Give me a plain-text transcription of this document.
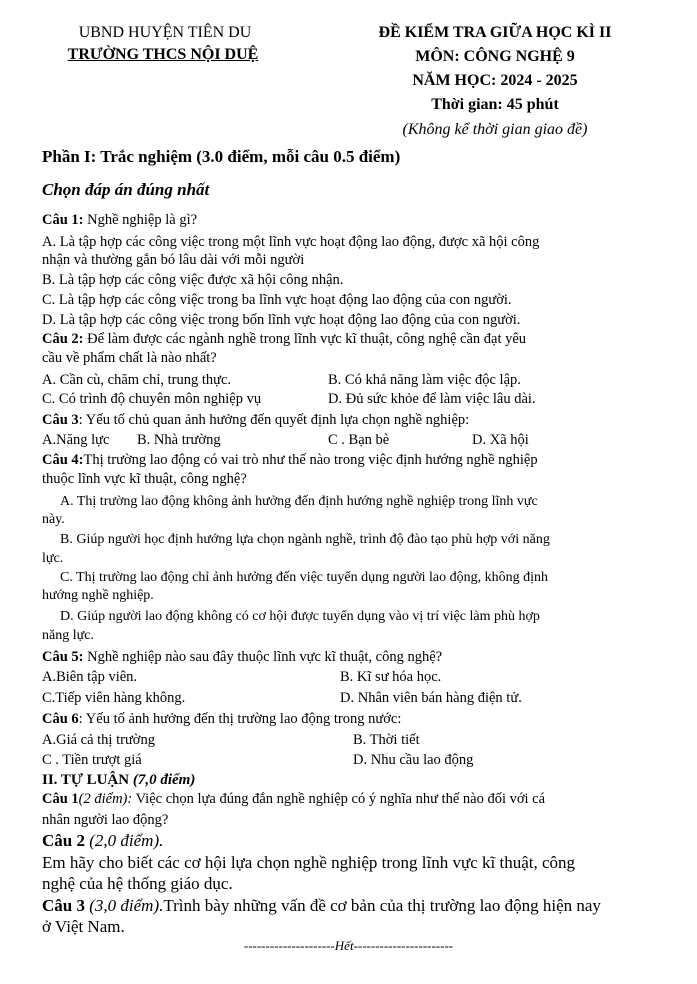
UBND HUYỆN TIÊN DU
TRƯỜNG THCS NỘI DUỆ
ĐỀ KIỂM TRA GIỮA HỌC KÌ II
MÔN: CÔNG NGHỆ 9
NĂM HỌC: 2024 - 2025
Thời gian: 45 phút
(Không kể thời gian giao đề)
Phần I: Trắc nghiệm (3.0 điểm, mỗi câu 0.5 điểm)
Chọn đáp án đúng nhất
Câu 1: Nghề nghiệp là gì?
A. Là tập hợp các công việc trong một lĩnh vực hoạt động lao động, được xã hội công
nhận và thường gắn bó lâu dài với mỗi người
B. Là tập hợp các công việc được xã hội công nhận.
C. Là tập hợp các công việc trong ba lĩnh vực hoạt động lao động của con người.
D. Là tập hợp các công việc trong bốn lĩnh vực hoạt động lao động của con người.
Câu 2: Để làm được các ngành nghề trong lĩnh vực kĩ thuật, công nghệ cần đạt yêu
cầu về phẩm chất là nào nhất?
A. Cần cù, chăm chỉ, trung thực.	B. Có khả năng làm việc độc lập.
C. Có trình độ chuyên môn nghiệp vụ	D. Đủ sức khỏe để làm việc lâu dài.
Câu 3: Yếu tố chủ quan ảnh hưởng đến quyết định lựa chọn nghề nghiệp:
A.Năng lực B. Nhà trường	C . Bạn bè	D. Xã hội
Câu 4:Thị trường lao động có vai trò như thế nào trong việc định hướng nghề nghiệp
thuộc lĩnh vực kĩ thuật, công nghệ?
A. Thị trường lao động không ảnh hưởng đến định hướng nghề nghiệp trong lĩnh vực
này.
B. Giúp người học định hướng lựa chọn ngành nghề, trình độ đào tạo phù hợp với năng
lực.
C. Thị trường lao động chỉ ảnh hưởng đến việc tuyển dụng người lao động, không định
hướng nghề nghiệp.
D. Giúp người lao động không có cơ hội được tuyển dụng vào vị trí việc làm phù hợp
năng lực.
Câu 5: Nghề nghiệp nào sau đây thuộc lĩnh vực kĩ thuật, công nghệ?
A.Biên tập viên.	B. Kĩ sư hóa học.
C.Tiếp viên hàng không.	D. Nhân viên bán hàng điện tử.
Câu 6: Yếu tố ảnh hưởng đến thị trường lao động trong nước:
A.Giá cả thị trường	B. Thời tiết
C . Tiền trượt giá	D. Nhu cầu lao động
II. TỰ LUẬN (7,0 điểm)
Câu 1(2 điểm): Việc chọn lựa đúng đắn nghề nghiệp có ý nghĩa như thế nào đối với cá
nhân người lao động?
Câu 2 (2,0 điểm).
Em hãy cho biết các cơ hội lựa chọn nghề nghiệp trong lĩnh vực kĩ thuật, công
nghệ của hệ thống giáo dục.
Câu 3 (3,0 điểm).Trình bày những vấn đề cơ bản của thị trường lao động hiện nay
ở Việt Nam.
---------------------Hết-----------------------
